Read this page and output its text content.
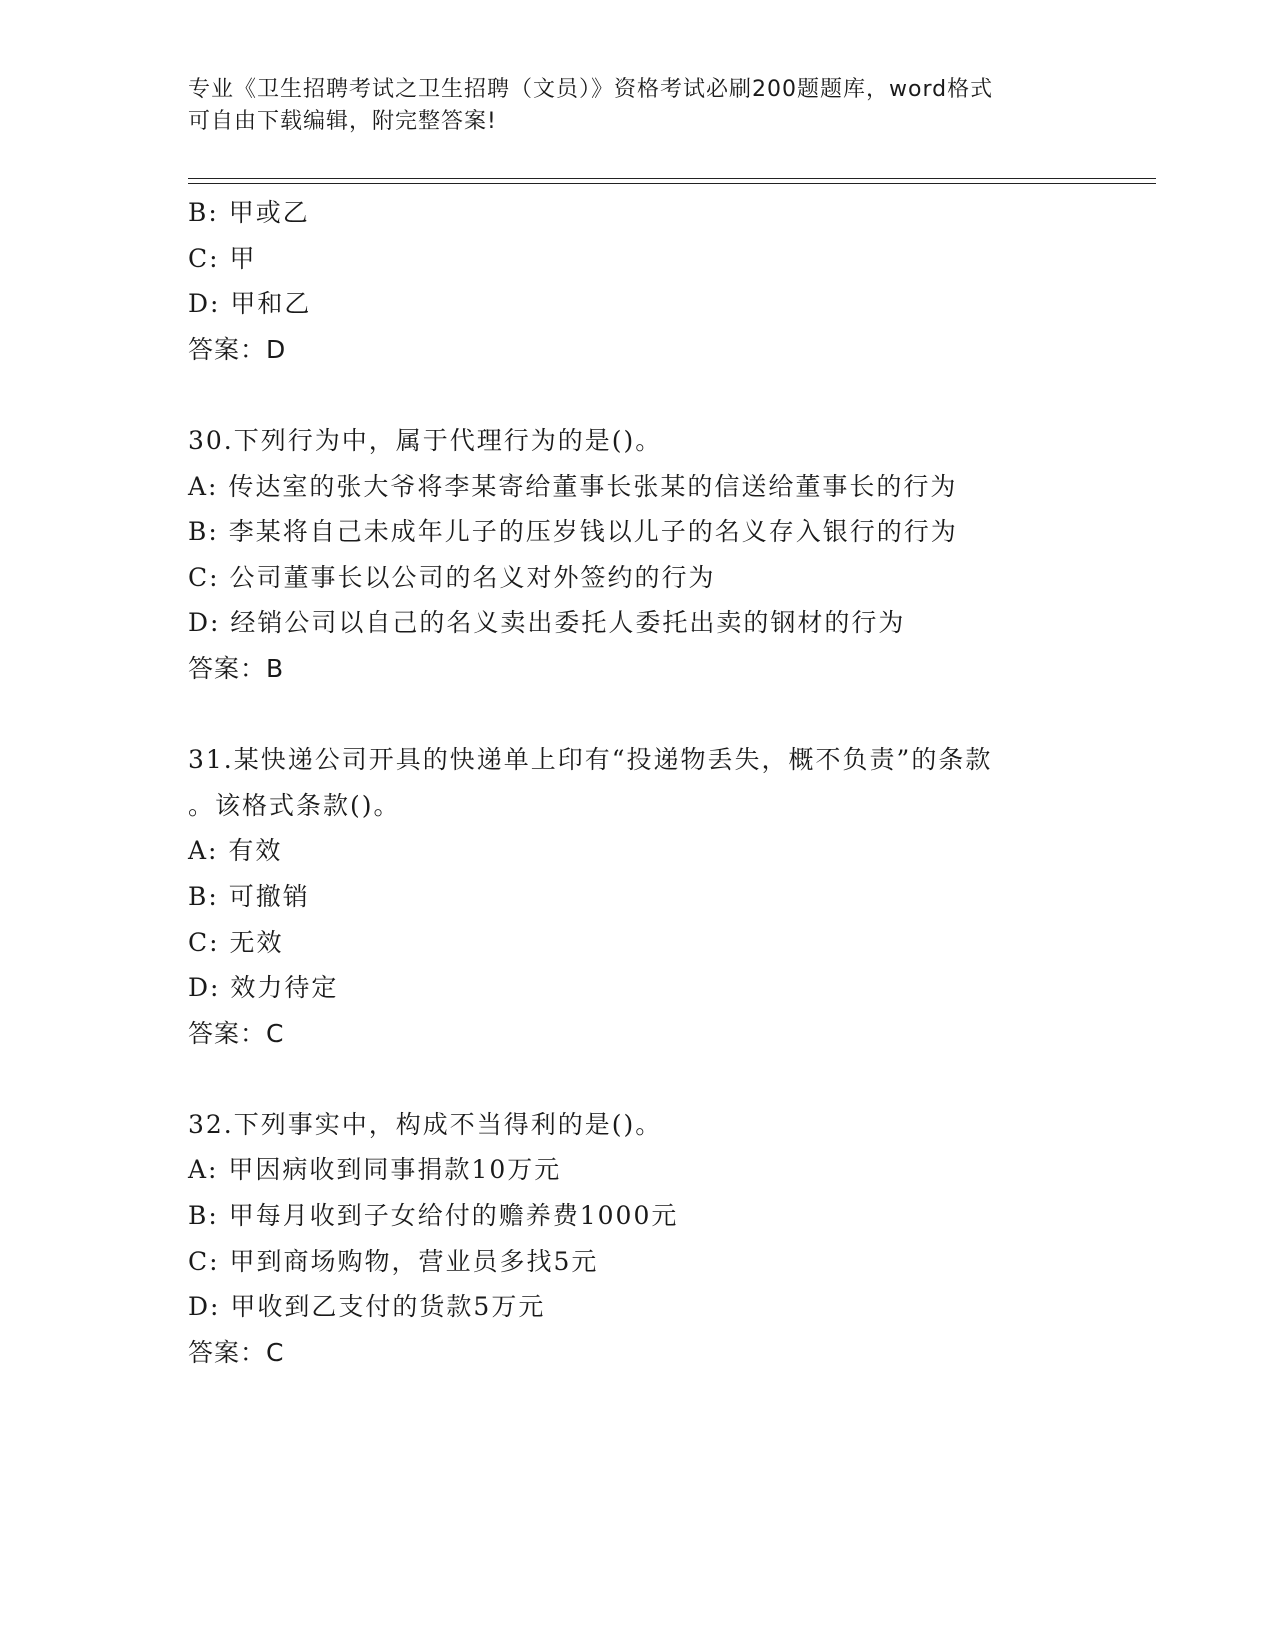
专业《卫生招聘考试之卫生招聘（文员）》资格考试必刷200题题库，word格式
可自由下载编辑，附完整答案!
B: 甲或乙
C: 甲
D: 甲和乙
答案：D
30.下列行为中，属于代理行为的是()。
A: 传达室的张大爷将李某寄给董事长张某的信送给董事长的行为
B: 李某将自己未成年儿子的压岁钱以儿子的名义存入银行的行为
C: 公司董事长以公司的名义对外签约的行为
D: 经销公司以自己的名义卖出委托人委托出卖的钢材的行为
答案：B
31.某快递公司开具的快递单上印有“投递物丢失，概不负责”的条款
。该格式条款()。
A: 有效
B: 可撤销
C: 无效
D: 效力待定
答案：C
32.下列事实中，构成不当得利的是()。
A: 甲因病收到同事捐款10万元
B: 甲每月收到子女给付的赡养费1000元
C: 甲到商场购物，营业员多找5元
D: 甲收到乙支付的货款5万元
答案：C
